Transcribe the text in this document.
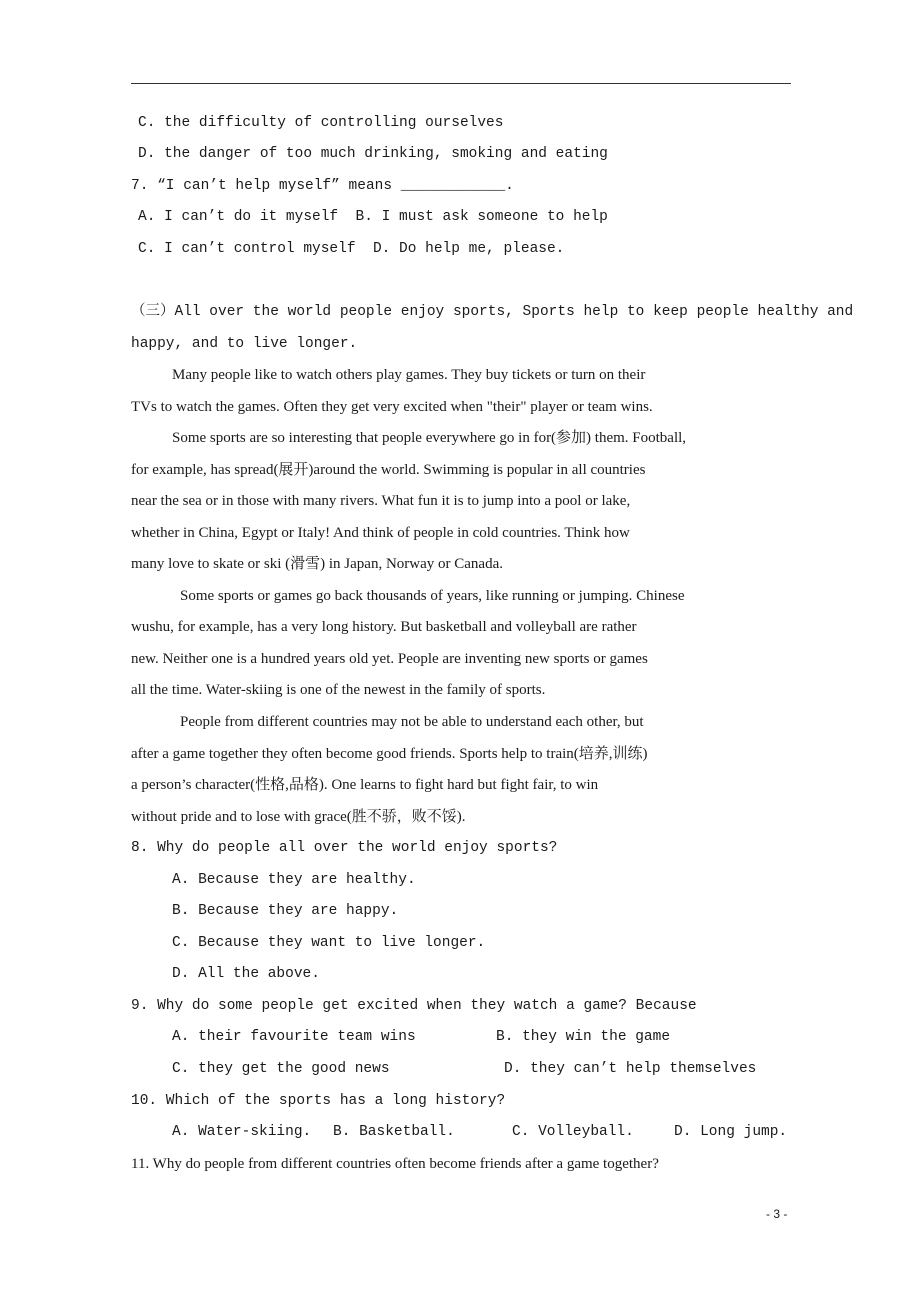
C. the difficulty of controlling ourselves
D. the danger of too much drinking, smoking and eating
7. “I can’t help myself” means ____________.
A. I can’t do it myself  B. I must ask someone to help
C. I can’t control myself  D. Do help me, please.
（三）All over the world people enjoy sports, Sports help to keep people healthy and
happy, and to live longer.
Many people like to watch others play games. They buy tickets or turn on their
TVs to watch the games. Often they get very excited when "their" player or team wins.
Some sports are so interesting that people everywhere go in for(参加) them. Football,
for example, has spread(展开)around the world. Swimming is popular in all countries
near the sea or in those with many rivers. What fun it is to jump into a pool or lake,
whether in China, Egypt or Italy! And think of people in cold countries. Think how
many love to skate or ski (滑雪) in Japan, Norway or Canada.
Some sports or games go back thousands of years, like running or jumping. Chinese
wushu, for example, has a very long history. But basketball and volleyball are rather
new. Neither one is a hundred years old yet. People are inventing new sports or games
all the time. Water-skiing is one of the newest in the family of sports.
People from different countries may not be able to understand each other, but
after a game together they often become good friends. Sports help to train(培养,训练)
a person’s character(性格,品格). One learns to fight hard but fight fair, to win
without pride and to lose with grace(胜不骄，败不馁).
8. Why do people all over the world enjoy sports?
A. Because they are healthy.
B. Because they are happy.
C. Because they want to live longer.
D. All the above.
9. Why do some people get excited when they watch a game? Because
A. their favourite team wins	B. they win the game
C. they get the good news	D. they can’t help themselves
10. Which of the sports has a long history?
A. Water-skiing. B. Basketball.	C. Volleyball.	D. Long jump.
11. Why do people from different countries often become friends after a game together?
- 3 -
